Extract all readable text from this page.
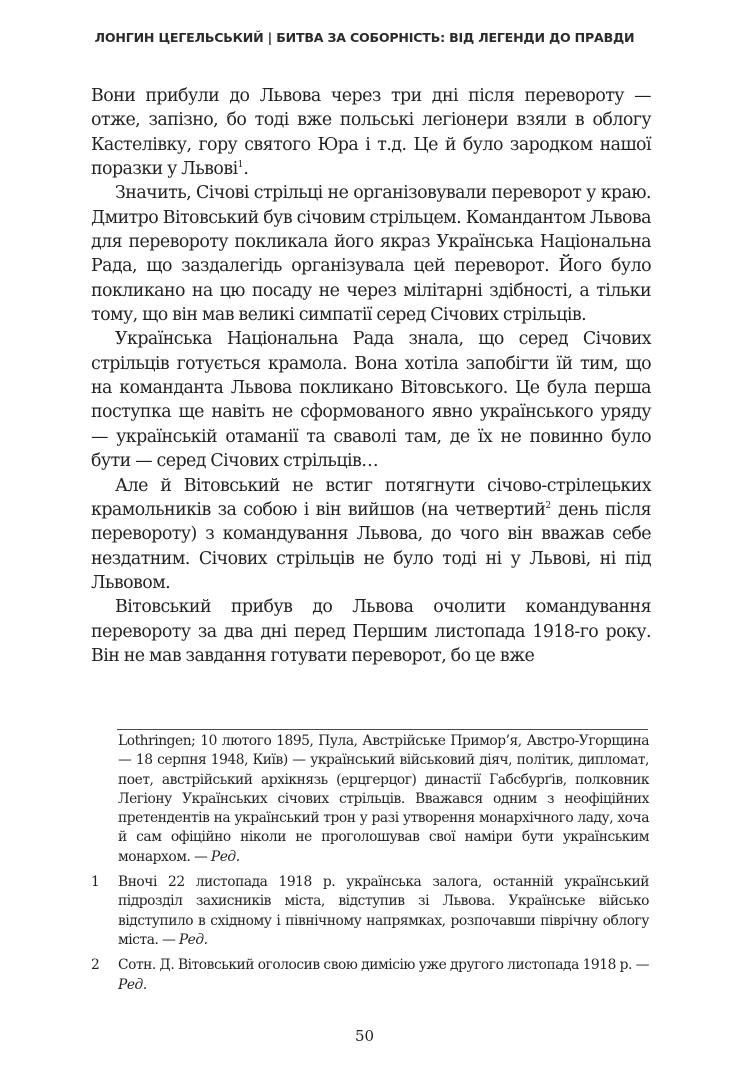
ЛОНГИН ЦЕГЕЛЬСЬКИЙ | БИТВА ЗА СОБОРНІСТЬ: ВІД ЛЕГЕНДИ ДО ПРАВДИ

Вони прибули до Львова через три дні після перевороту — отже, запізно, бо тоді вже польські легіонери взяли в облогу Кастелівку, гору святого Юра і т.д. Це й було зародком нашої поразки у Львові$^1$.

Значить, Січові стрільці не організовували переворот у краю. Дмитро Вітовський був січовим стрільцем. Командантом Львова для перевороту покликала його якраз Українська Національна Рада, що заздалегідь організувала цей переворот. Його було покликано на цю посаду не через мілітарні здібності, а тільки тому, що він мав великі симпатії серед Січових стрільців.

Українська Національна Рада знала, що серед Січових стрільців готується крамола. Вона хотіла запобігти їй тим, що на команданта Львова покликано Вітовського. Це була перша поступка ще навіть не сформованого явно українського уряду — українській отаманії та сваволі там, де їх не повинно було бути — серед Січових стрільців…

Але й Вітовський не встиг потягнути січово-стрілецьких крамольників за собою і він вийшов (на четвертий$^2$ день після перевороту) з командування Львова, до чого він вважав себе нездатним. Січових стрільців не було тоді ні у Львові, ні під Львовом.

Вітовський прибув до Львова очолити командування перевороту за два дні перед Першим листопада 1918-го року. Він не мав завдання готувати переворот, бо це вже

Lothringen; 10 лютого 1895, Пула, Австрійське Примор’я, Австро-Угорщина — 18 серпня 1948, Київ) — український військовий діяч, політик, дипломат, поет, австрійський архікнязь (ерцгерцог) династії Габсбурґів, полковник Легіону Українських січових стрільців. Вважався одним з неофіційних претендентів на український трон у разі утворення монархічного ладу, хоча й сам офіційно ніколи не проголошував свої наміри бути українським монархом. — Ред.
1	Вночі 22 листопада 1918 р. українська залога, останній український підрозділ захисників міста, відступив зі Львова. Українське військо відступило в східному і північному напрямках, розпочавши піврічну облогу міста. — Ред.
2	Сотн. Д. Вітовський оголосив свою димісію уже другого листопада 1918 р. — Ред.
50
